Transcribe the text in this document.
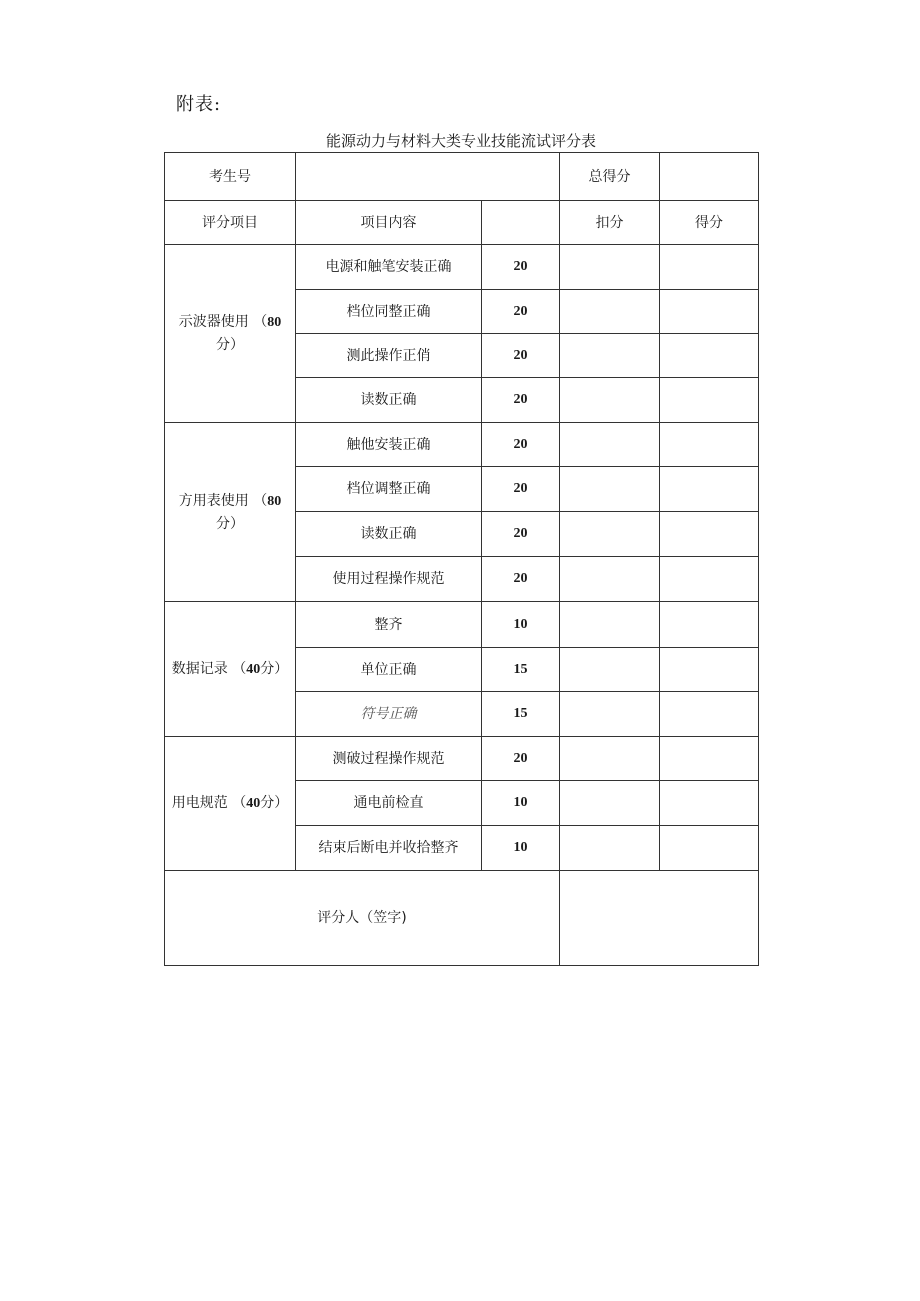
附表:
能源动力与材料大类专业技能流试评分表
考生号			总得分	
评分项目	项目内容		扣分	得分
示波器使用 （80
分）	电源和触笔安装正确	20		
	档位同整正确	20		
	测此操作正俏	20		
	读数正确	20		
方用表使用 （80
分）	触他安装正确	20		
	档位调整正确	20		
	读数正确	20		
	使用过程操作规范	20		
数据记录 （40分）	整齐	10		
	单位正确	15		
	符号正确	15		
用电规范 （40分）	测破过程操作规范	20		
	通电前检直	10		
	结束后断电并收拾整齐	10		
评分人（笠字)				
